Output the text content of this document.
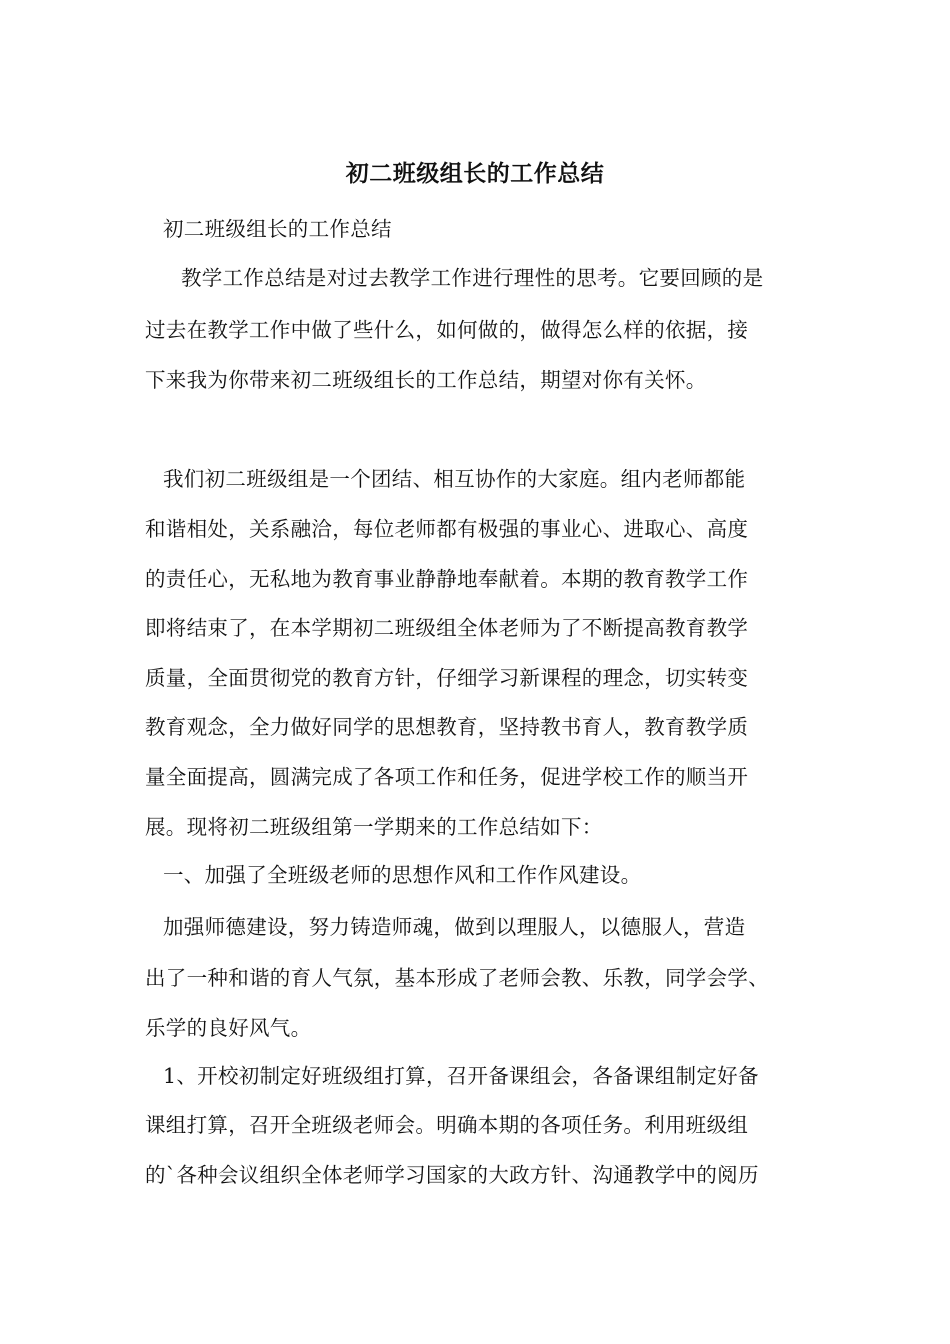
初二班级组长的工作总结
初二班级组长的工作总结
教学工作总结是对过去教学工作进行理性的思考。它要回顾的是
过去在教学工作中做了些什么，如何做的，做得怎么样的依据，接
下来我为你带来初二班级组长的工作总结，期望对你有关怀。
我们初二班级组是一个团结、相互协作的大家庭。组内老师都能
和谐相处，关系融洽，每位老师都有极强的事业心、进取心、高度
的责任心，无私地为教育事业静静地奉献着。本期的教育教学工作
即将结束了，在本学期初二班级组全体老师为了不断提高教育教学
质量，全面贯彻党的教育方针，仔细学习新课程的理念，切实转变
教育观念，全力做好同学的思想教育，坚持教书育人，教育教学质
量全面提高，圆满完成了各项工作和任务，促进学校工作的顺当开
展。现将初二班级组第一学期来的工作总结如下：
一、加强了全班级老师的思想作风和工作作风建设。
加强师德建设，努力铸造师魂，做到以理服人，以德服人，营造
出了一种和谐的育人气氛，基本形成了老师会教、乐教，同学会学、
乐学的良好风气。
1、开校初制定好班级组打算，召开备课组会，各备课组制定好备
课组打算，召开全班级老师会。明确本期的各项任务。利用班级组
的`各种会议组织全体老师学习国家的大政方针、沟通教学中的阅历
